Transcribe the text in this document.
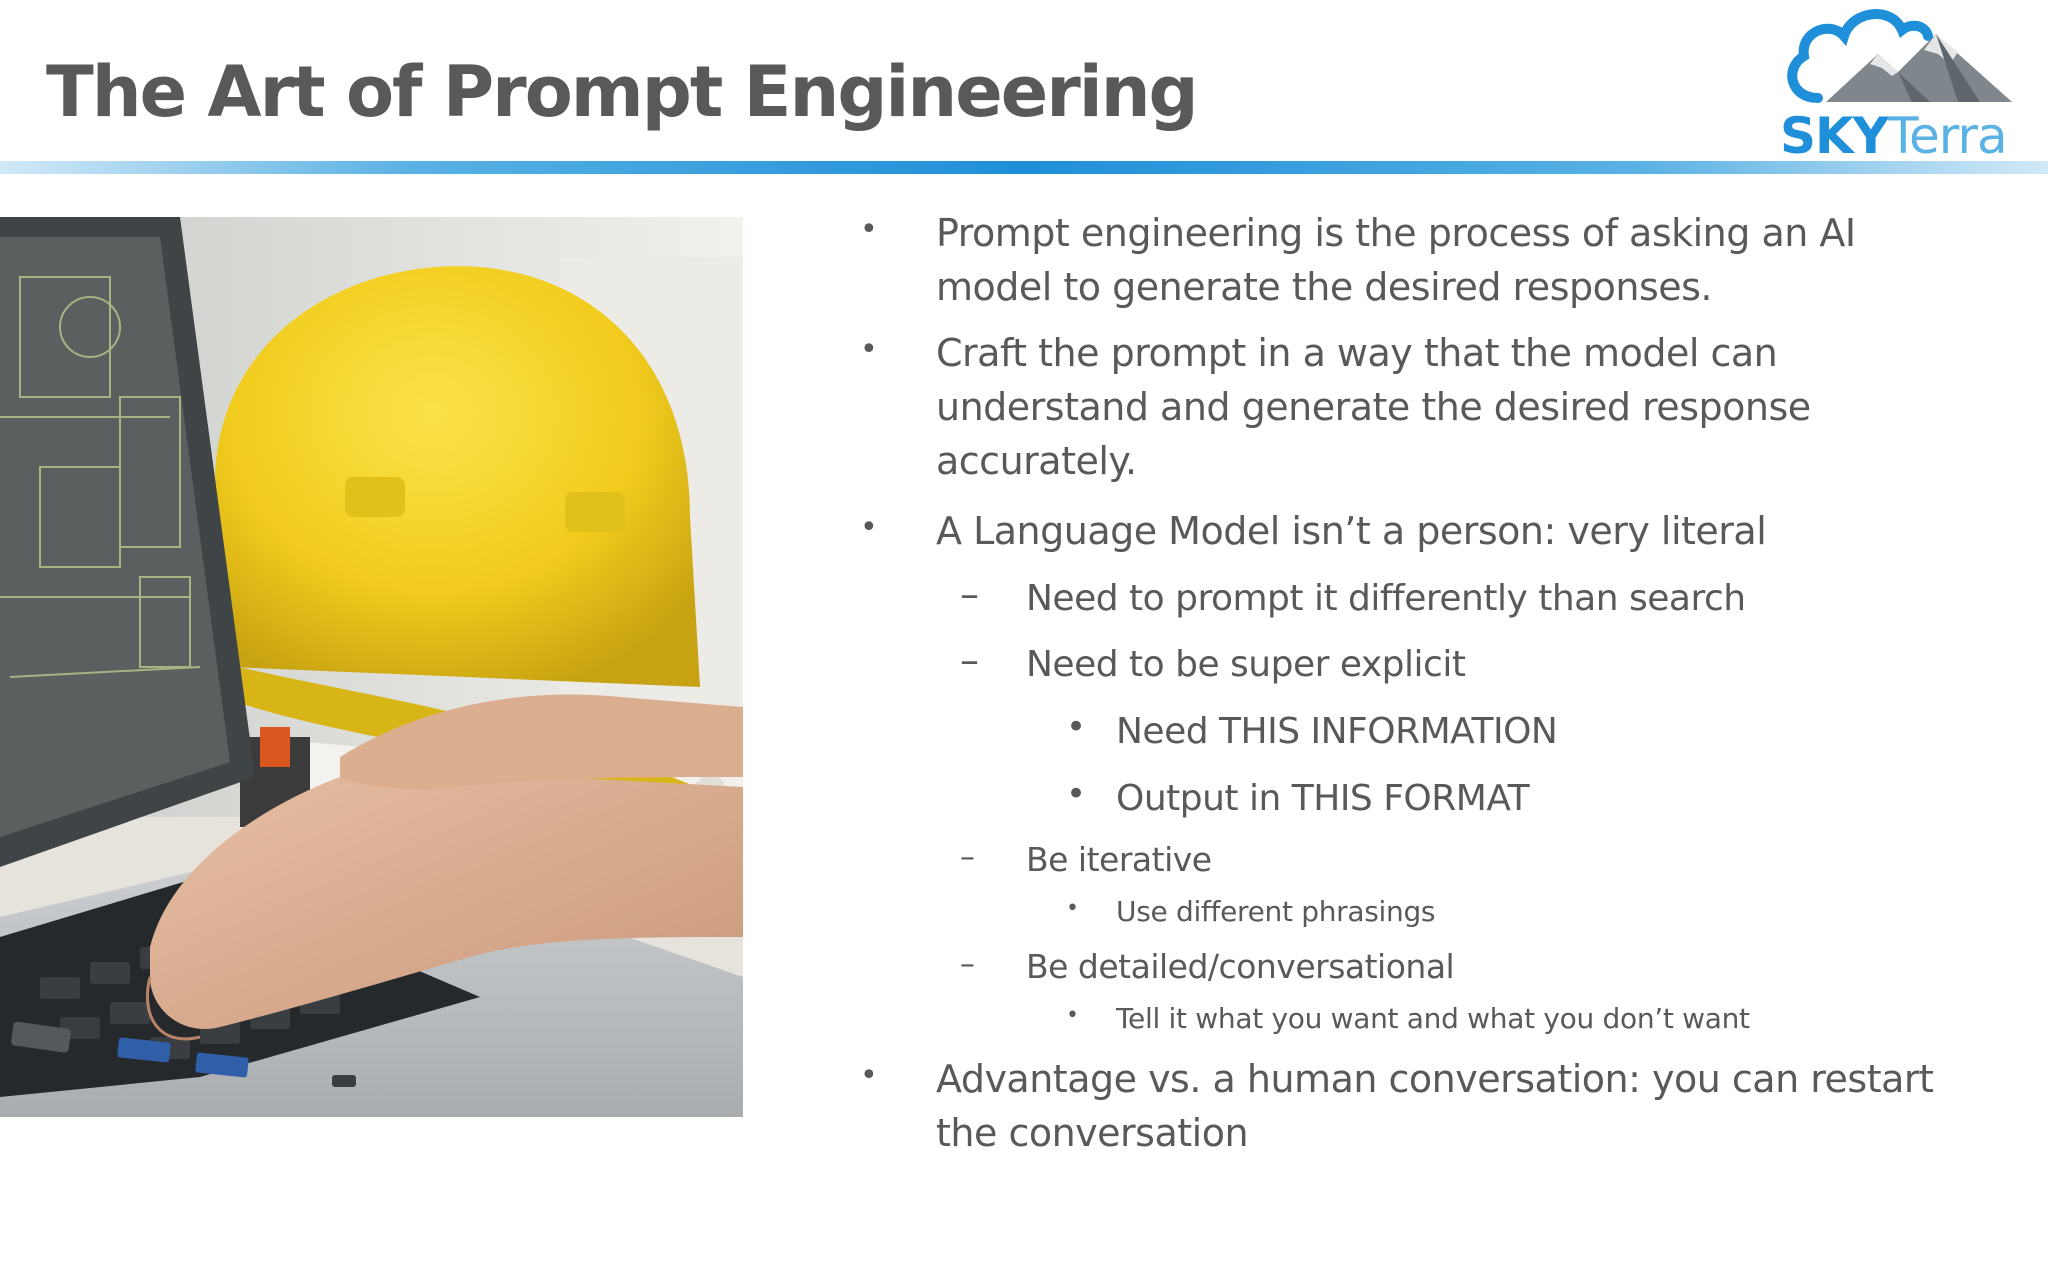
The Art of Prompt Engineering
SKYTerra
• Prompt engineering is the process of asking an AI
model to generate the desired responses.
• Craft the prompt in a way that the model can
understand and generate the desired response
accurately.
• A Language Model isn’t a person: very literal
– Need to prompt it differently than search
– Need to be super explicit
• Need THIS INFORMATION
• Output in THIS FORMAT
– Be iterative
• Use different phrasings
– Be detailed/conversational
• Tell it what you want and what you don’t want
• Advantage vs. a human conversation: you can restart
the conversation
